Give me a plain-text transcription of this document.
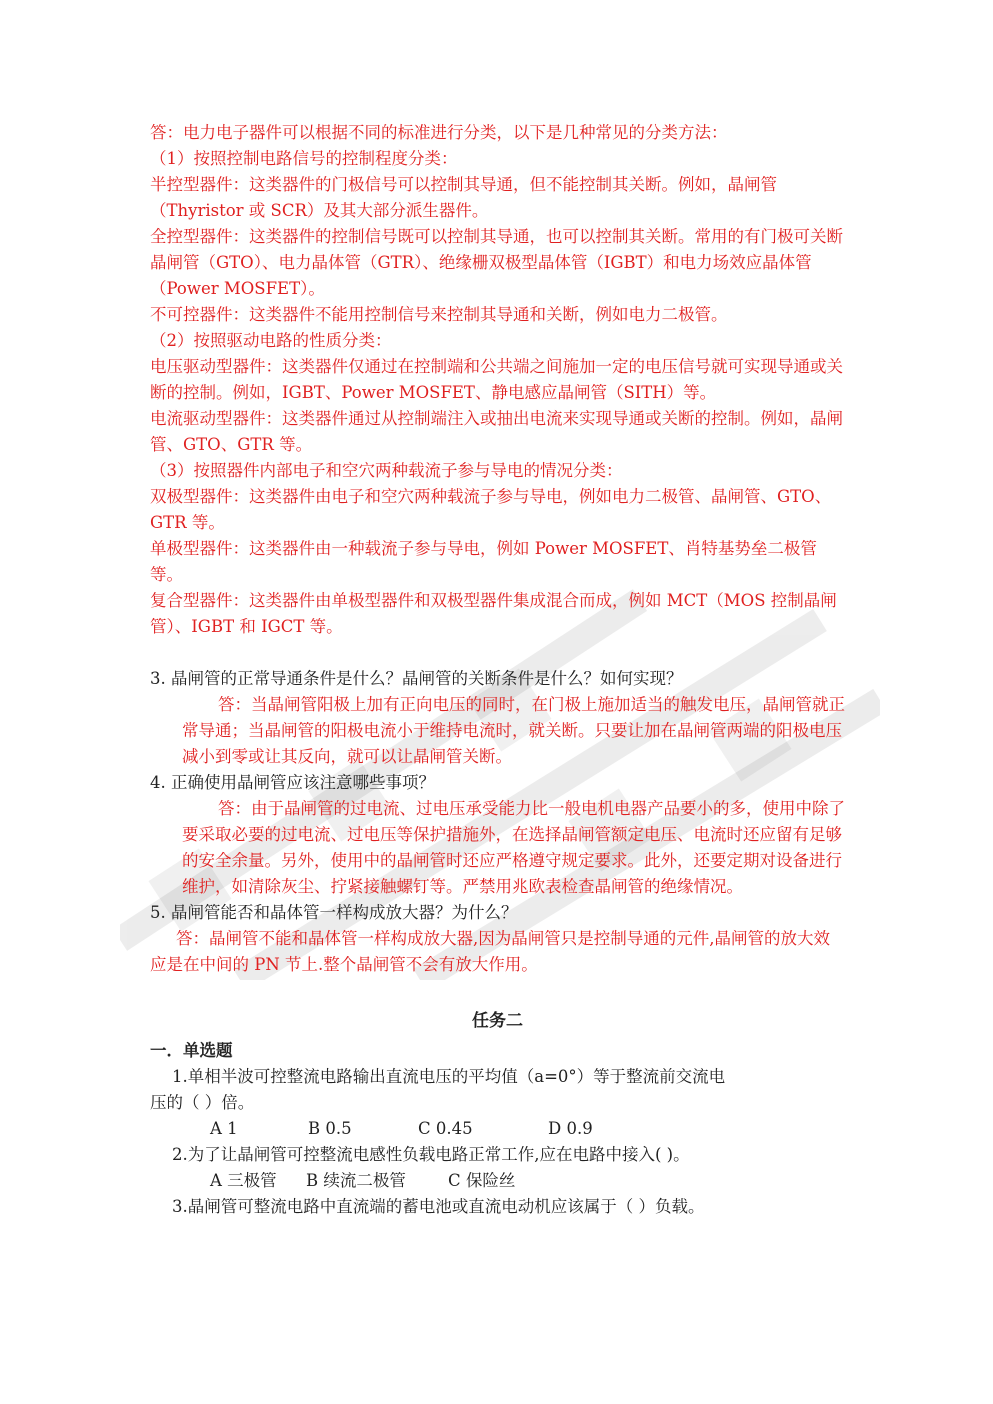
答：电力电子器件可以根据不同的标准进行分类，以下是几种常见的分类方法：

（1）按照控制电路信号的控制程度分类：

半控型器件：这类器件的门极信号可以控制其导通，但不能控制其关断。例如，晶闸管（Thyristor 或 SCR）及其大部分派生器件。

全控型器件：这类器件的控制信号既可以控制其导通，也可以控制其关断。常用的有门极可关断晶闸管（GTO）、电力晶体管（GTR）、绝缘栅双极型晶体管（IGBT）和电力场效应晶体管（Power MOSFET）。

不可控器件：这类器件不能用控制信号来控制其导通和关断，例如电力二极管。

（2）按照驱动电路的性质分类：

电压驱动型器件：这类器件仅通过在控制端和公共端之间施加一定的电压信号就可实现导通或关断的控制。例如，IGBT、Power MOSFET、静电感应晶闸管（SITH）等。

电流驱动型器件：这类器件通过从控制端注入或抽出电流来实现导通或关断的控制。例如，晶闸管、GTO、GTR 等。

（3）按照器件内部电子和空穴两种载流子参与导电的情况分类：

双极型器件：这类器件由电子和空穴两种载流子参与导电，例如电力二极管、晶闸管、GTO、GTR 等。

单极型器件：这类器件由一种载流子参与导电，例如 Power MOSFET、肖特基势垒二极管等。

复合型器件：这类器件由单极型器件和双极型器件集成混合而成，例如 MCT（MOS 控制晶闸管）、IGBT 和 IGCT 等。

3. 晶闸管的正常导通条件是什么？晶闸管的关断条件是什么？如何实现？

答：当晶闸管阳极上加有正向电压的同时，在门极上施加适当的触发电压，晶闸管就正常导通；当晶闸管的阳极电流小于维持电流时，就关断。只要让加在晶闸管两端的阳极电压减小到零或让其反向，就可以让晶闸管关断。

4. 正确使用晶闸管应该注意哪些事项？

答：由于晶闸管的过电流、过电压承受能力比一般电机电器产品要小的多，使用中除了要采取必要的过电流、过电压等保护措施外，在选择晶闸管额定电压、电流时还应留有足够的安全余量。另外，使用中的晶闸管时还应严格遵守规定要求。此外，还要定期对设备进行维护，如清除灰尘、拧紧接触螺钉等。严禁用兆欧表检查晶闸管的绝缘情况。

5. 晶闸管能否和晶体管一样构成放大器？为什么？

答：晶闸管不能和晶体管一样构成放大器,因为晶闸管只是控制导通的元件,晶闸管的放大效应是在中间的 PN 节上.整个晶闸管不会有放大作用。

任务二

一．单选题

1.单相半波可控整流电路输出直流电压的平均值（a=0°）等于整流前交流电

压的（ ）倍。

A 1	B 0.5	C 0.45	D 0.9

2.为了让晶闸管可控整流电感性负载电路正常工作,应在电路中接入( )。

A 三极管 B 续流二极管	C 保险丝

3.晶闸管可整流电路中直流端的蓄电池或直流电动机应该属于（ ）负载。
